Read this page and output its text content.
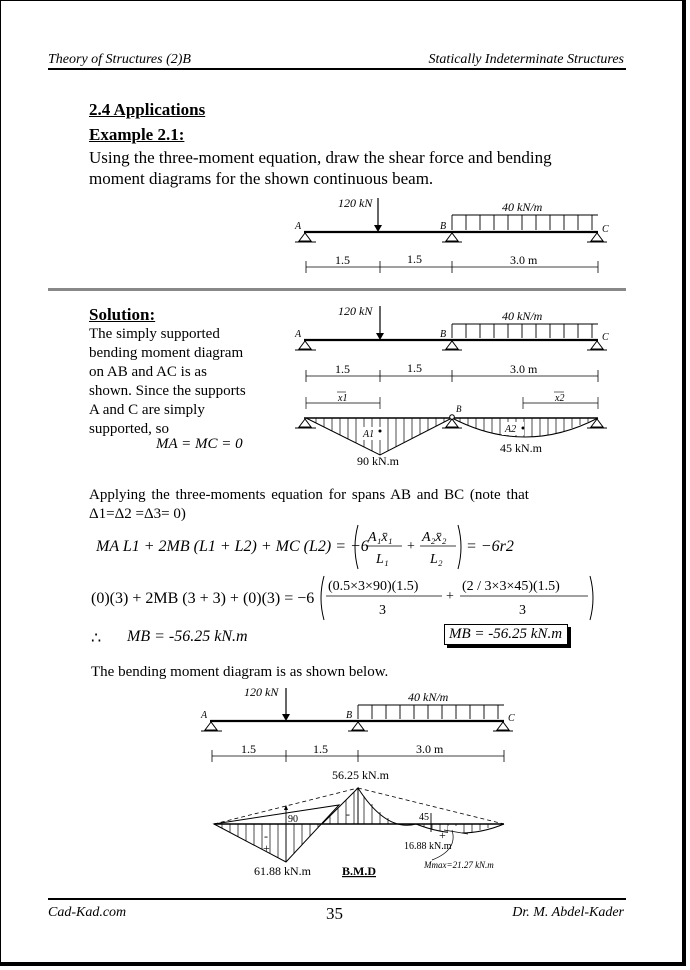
Theory of Structures (2)B	Statically Indeterminate Structures
2.4 Applications
Example 2.1:
Using the three-moment equation, draw the shear force and bending
moment diagrams for the shown continuous beam.
120 kN	40 kN/m
A	B	C
1.5	1.5	3.0 m
Solution:
The simply supported
bending moment diagram
on AB and AC is as
shown. Since the supports
A and C are simply
supported, so
MA = MC = 0
120 kN	40 kN/m
A	B	C
1.5	1.5	3.0 m
x1	x2
B
A1	A2
90 kN.m
45 kN.m
Applying the three-moments equation for spans AB and BC (note that
Δ1=Δ2 =Δ3= 0)
MA L1 + 2MB (L1 + L2) + MC (L2) = −6
A₁x̄₁
L₁
+
A₂x̄₂
L₂
= −6r2
(0)(3) + 2MB (3 + 3) + (0)(3) = −6
(0.5×3×90)(1.5)
3
+
(2 / 3×3×45)(1.5)
3
∴ MB = -56.25 kN.m	MB = -56.25 kN.m
The bending moment diagram is as shown below.
120 kN	40 kN/m
A	B	C
1.5	1.5	3.0 m
56.25 kN.m
90	45
-
+
-
+
16.88 kN.m
Mmax=21.27 kN.m
61.88 kN.m	B.M.D
Cad-Kad.com	35	Dr. M. Abdel-Kader
